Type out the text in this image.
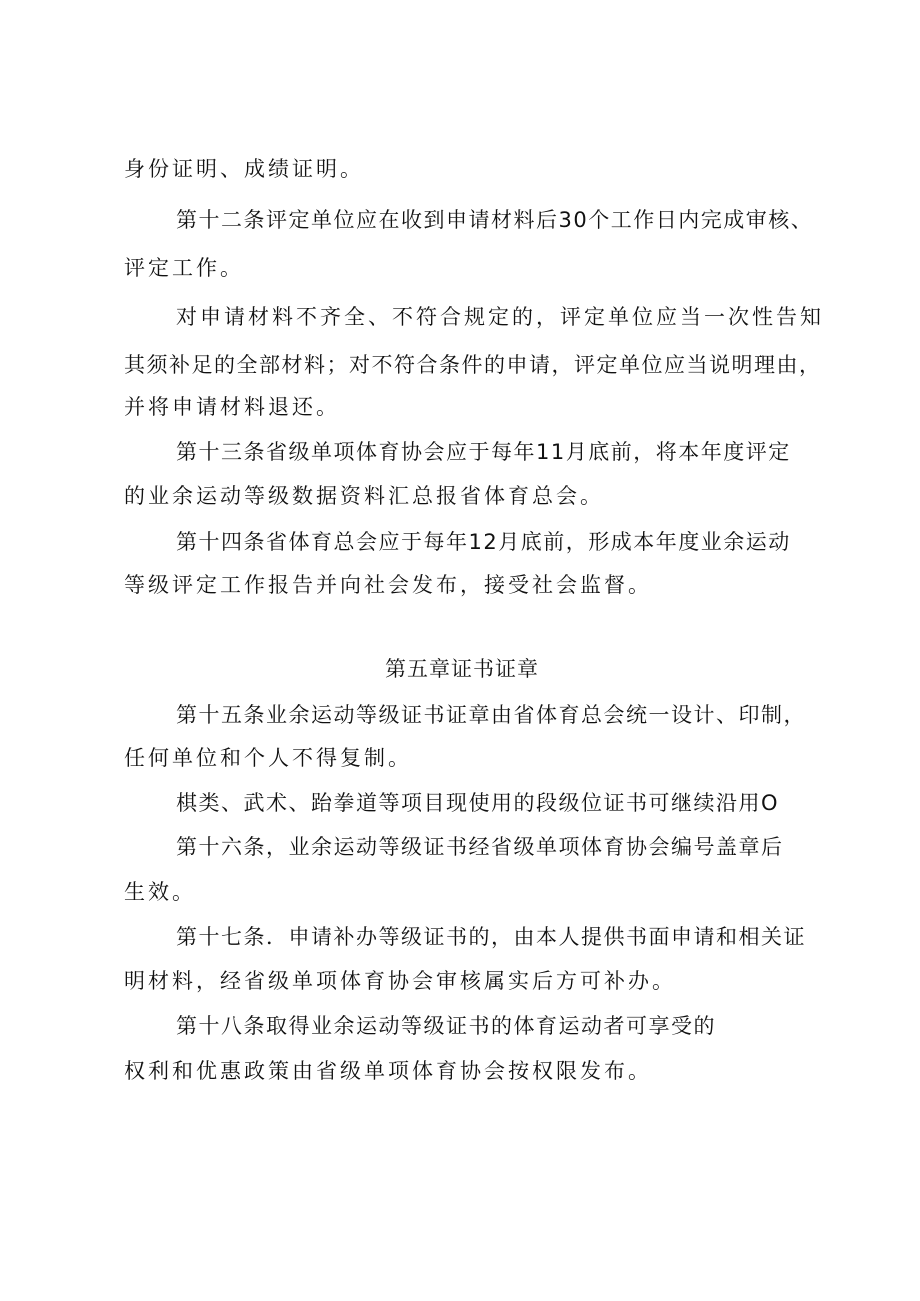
身份证明、成绩证明。
第十二条评定单位应在收到申请材料后30个工作日内完成审核、
评定工作。
对申请材料不齐全、不符合规定的，评定单位应当一次性告知
其须补足的全部材料；对不符合条件的申请，评定单位应当说明理由，
并将申请材料退还。
第十三条省级单项体育协会应于每年11月底前，将本年度评定
的业余运动等级数据资料汇总报省体育总会。
第十四条省体育总会应于每年12月底前，形成本年度业余运动
等级评定工作报告并向社会发布，接受社会监督。
第五章证书证章
第十五条业余运动等级证书证章由省体育总会统一设计、印制，
任何单位和个人不得复制。
棋类、武术、跆拳道等项目现使用的段级位证书可继续沿用O
第十六条，业余运动等级证书经省级单项体育协会编号盖章后
生效。
第十七条．申请补办等级证书的，由本人提供书面申请和相关证
明材料，经省级单项体育协会审核属实后方可补办。
第十八条取得业余运动等级证书的体育运动者可享受的
权利和优惠政策由省级单项体育协会按权限发布。
